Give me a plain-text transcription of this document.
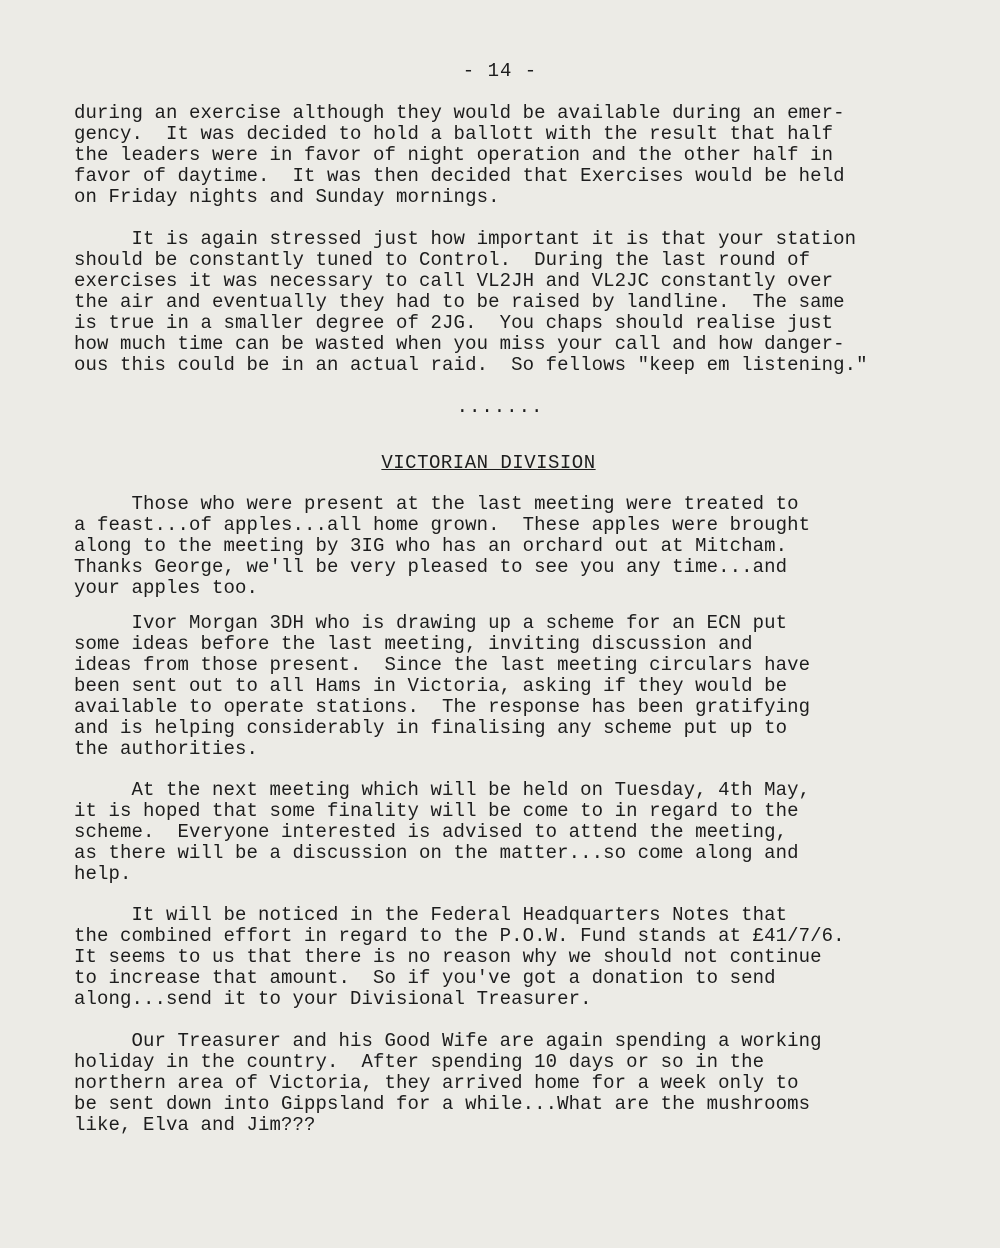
- 14 -
during an exercise although they would be available during an emer-
gency.  It was decided to hold a ballott with the result that half
the leaders were in favor of night operation and the other half in
favor of daytime.  It was then decided that Exercises would be held
on Friday nights and Sunday mornings.
It is again stressed just how important it is that your station
should be constantly tuned to Control.  During the last round of
exercises it was necessary to call VL2JH and VL2JC constantly over
the air and eventually they had to be raised by landline.  The same
is true in a smaller degree of 2JG.  You chaps should realise just
how much time can be wasted when you miss your call and how danger-
ous this could be in an actual raid.  So fellows "keep em listening."
.......
VICTORIAN DIVISION
Those who were present at the last meeting were treated to
a feast...of apples...all home grown.  These apples were brought
along to the meeting by 3IG who has an orchard out at Mitcham.
Thanks George, we'll be very pleased to see you any time...and
your apples too.
Ivor Morgan 3DH who is drawing up a scheme for an ECN put
some ideas before the last meeting, inviting discussion and
ideas from those present.  Since the last meeting circulars have
been sent out to all Hams in Victoria, asking if they would be
available to operate stations.  The response has been gratifying
and is helping considerably in finalising any scheme put up to
the authorities.
At the next meeting which will be held on Tuesday, 4th May,
it is hoped that some finality will be come to in regard to the
scheme.  Everyone interested is advised to attend the meeting,
as there will be a discussion on the matter...so come along and
help.
It will be noticed in the Federal Headquarters Notes that
the combined effort in regard to the P.O.W. Fund stands at £41/7/6.
It seems to us that there is no reason why we should not continue
to increase that amount.  So if you've got a donation to send
along...send it to your Divisional Treasurer.
Our Treasurer and his Good Wife are again spending a working
holiday in the country.  After spending 10 days or so in the
northern area of Victoria, they arrived home for a week only to
be sent down into Gippsland for a while...What are the mushrooms
like, Elva and Jim???
